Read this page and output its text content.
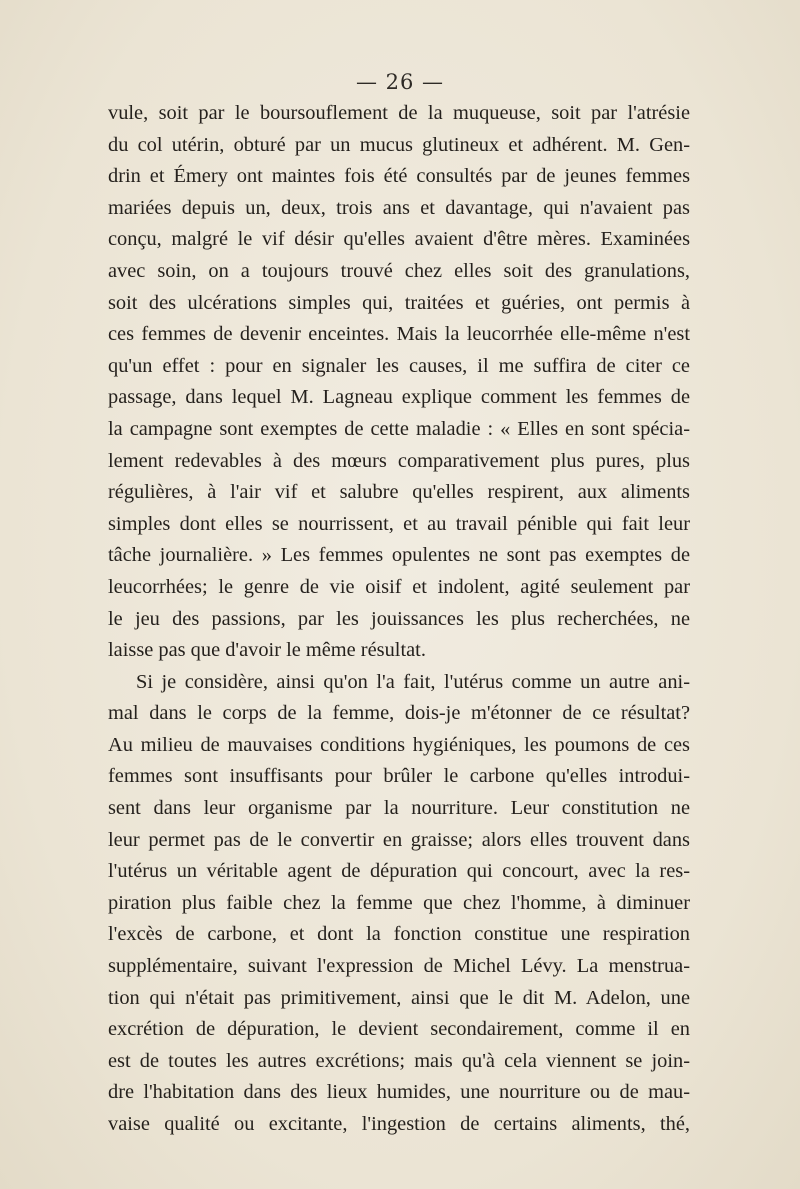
— 26 —
vule, soit par le boursouflement de la muqueuse, soit par l'atrésie
du col utérin, obturé par un mucus glutineux et adhérent. M. Gen-
drin et Émery ont maintes fois été consultés par de jeunes femmes
mariées depuis un, deux, trois ans et davantage, qui n'avaient pas
conçu, malgré le vif désir qu'elles avaient d'être mères. Examinées
avec soin, on a toujours trouvé chez elles soit des granulations,
soit des ulcérations simples qui, traitées et guéries, ont permis à
ces femmes de devenir enceintes. Mais la leucorrhée elle-même n'est
qu'un effet : pour en signaler les causes, il me suffira de citer ce
passage, dans lequel M. Lagneau explique comment les femmes de
la campagne sont exemptes de cette maladie : « Elles en sont spécia-
lement redevables à des mœurs comparativement plus pures, plus
régulières, à l'air vif et salubre qu'elles respirent, aux aliments
simples dont elles se nourrissent, et au travail pénible qui fait leur
tâche journalière. » Les femmes opulentes ne sont pas exemptes de
leucorrhées; le genre de vie oisif et indolent, agité seulement par
le jeu des passions, par les jouissances les plus recherchées, ne
laisse pas que d'avoir le même résultat.
Si je considère, ainsi qu'on l'a fait, l'utérus comme un autre ani-
mal dans le corps de la femme, dois-je m'étonner de ce résultat?
Au milieu de mauvaises conditions hygiéniques, les poumons de ces
femmes sont insuffisants pour brûler le carbone qu'elles introdui-
sent dans leur organisme par la nourriture. Leur constitution ne
leur permet pas de le convertir en graisse; alors elles trouvent dans
l'utérus un véritable agent de dépuration qui concourt, avec la res-
piration plus faible chez la femme que chez l'homme, à diminuer
l'excès de carbone, et dont la fonction constitue une respiration
supplémentaire, suivant l'expression de Michel Lévy. La menstrua-
tion qui n'était pas primitivement, ainsi que le dit M. Adelon, une
excrétion de dépuration, le devient secondairement, comme il en
est de toutes les autres excrétions; mais qu'à cela viennent se join-
dre l'habitation dans des lieux humides, une nourriture ou de mau-
vaise qualité ou excitante, l'ingestion de certains aliments, thé,
